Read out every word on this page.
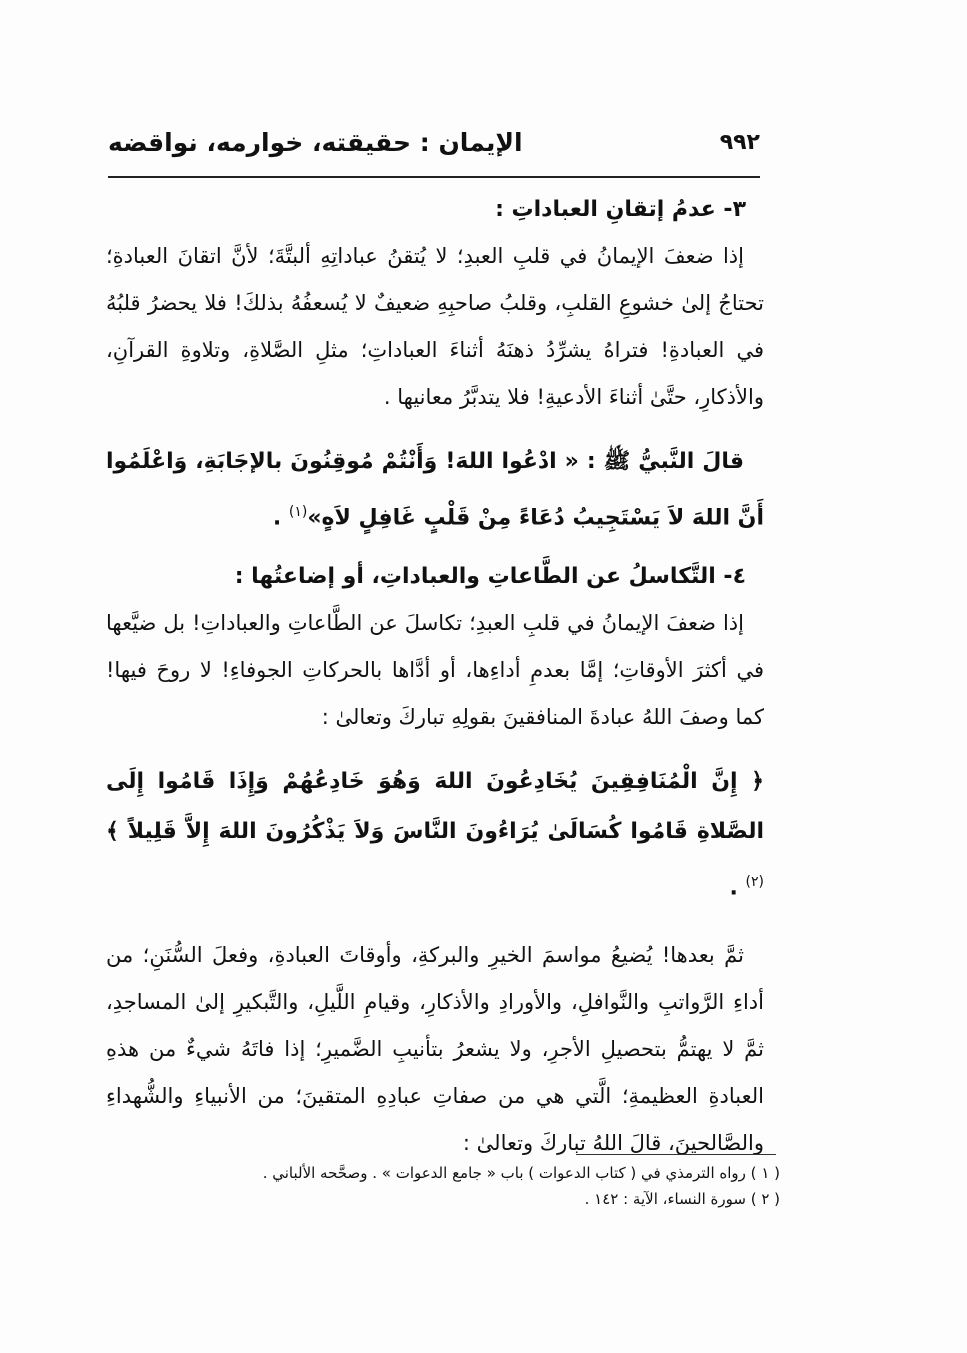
٩٩٢
الإيمان : حقيقته، خوارمه، نواقضه

٣- عدمُ إتقانِ العباداتِ :

إذا ضعفَ الإيمانُ في قلبِ العبدِ؛ لا يُتقنُ عباداتِهِ ألبتَّةَ؛ لأنَّ اتقانَ العبادةِ؛ تحتاجُ إلىٰ خشوعِ القلبِ، وقلبُ صاحبِهِ ضعيفٌ لا يُسعفُهُ بذلكَ! فلا يحضرُ قلبُهُ في العبادةِ! فتراهُ يشرِّدُ ذهنَهُ أثناءَ العباداتِ؛ مثلِ الصَّلاةِ، وتلاوةِ القرآنِ، والأذكارِ، حتَّىٰ أثناءَ الأدعيةِ! فلا يتدبَّرُ معانيها .

قالَ النَّبيُّ ﷺ : « ادْعُوا اللهَ! وَأَنْتُمْ مُوقِنُونَ بالإجَابَةِ، وَاعْلَمُوا أَنَّ اللهَ لاَ يَسْتَجِيبُ دُعَاءً مِنْ قَلْبٍ غَافِلٍ لاَهٍ»$^{(١)}$ .

٤- التَّكاسلُ عن الطَّاعاتِ والعباداتِ، أو إضاعتُها :

إذا ضعفَ الإيمانُ في قلبِ العبدِ؛ تكاسلَ عن الطَّاعاتِ والعباداتِ! بل ضيَّعها في أكثرَ الأوقاتِ؛ إمَّا بعدمِ أداءِها، أو أدَّاها بالحركاتِ الجوفاءِ! لا روحَ فيها! كما وصفَ اللهُ عبادةَ المنافقينَ بقولِهِ تباركَ وتعالىٰ :

﴿ إِنَّ الْمُنَافِقِينَ يُخَادِعُونَ اللهَ وَهُوَ خَادِعُهُمْ وَإِذَا قَامُوا إِلَى الصَّلاةِ قَامُوا كُسَالَىٰ يُرَاءُونَ النَّاسَ وَلاَ يَذْكُرُونَ اللهَ إِلاَّ قَلِيلاً ﴾$^{(٢)}$ .

ثمَّ بعدها! يُضيعُ مواسمَ الخيرِ والبركةِ، وأوقاتَ العبادةِ، وفعلَ السُّنَنِ؛ من أداءِ الرَّواتبِ والنَّوافلِ، والأورادِ والأذكارِ، وقيامِ اللَّيلِ، والتَّبكيرِ إلىٰ المساجدِ، ثمَّ لا يهتمُّ بتحصيلِ الأجرِ، ولا يشعرُ بتأنيبِ الضَّميرِ؛ إذا فاتَهُ شيءٌ من هذهِ العبادةِ العظيمةِ؛ الَّتي هي من صفاتِ عبادِهِ المتقينَ؛ من الأنبياءِ والشُّهداءِ والصَّالحينَ، قالَ اللهُ تباركَ وتعالىٰ :

( ١ ) رواه الترمذي في ( كتاب الدعوات ) باب « جامع الدعوات » . وصحَّحه الألباني .

( ٢ ) سورة النساء، الآية : ١٤٢ .
